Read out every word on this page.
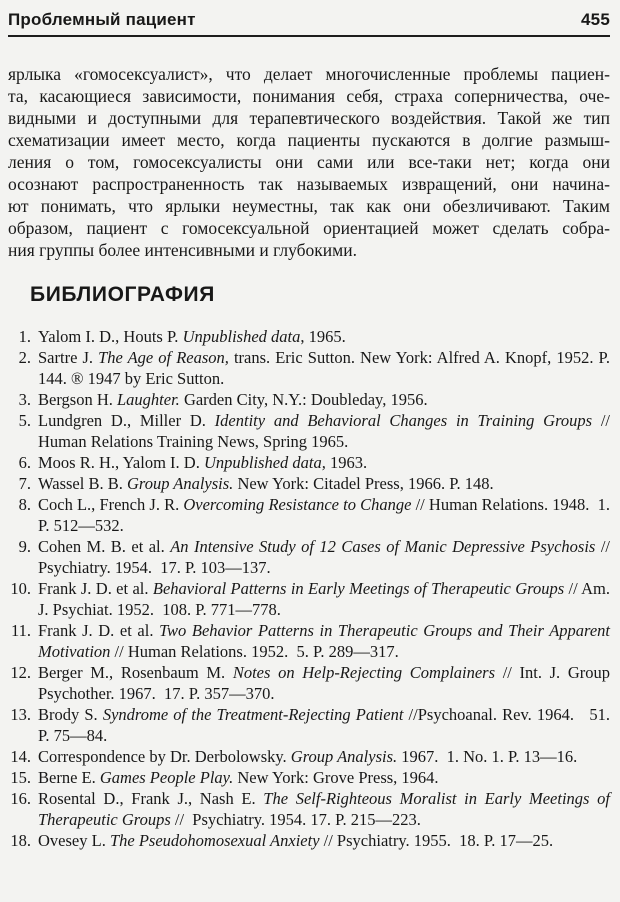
Проблемный пациент	455
ярлыка «гомосексуалист», что делает многочисленные проблемы пациен-
та, касающиеся зависимости, понимания себя, страха соперничества, оче-
видными и доступными для терапевтического воздействия. Такой же тип
схематизации имеет место, когда пациенты пускаются в долгие размыш-
ления о том, гомосексуалисты они сами или все-таки нет; когда они
осознают распространенность так называемых извращений, они начина-
ют понимать, что ярлыки неуместны, так как они обезличивают. Таким
образом, пациент с гомосексуальной ориентацией может сделать собра-
ния группы более интенсивными и глубокими.
БИБЛИОГРАФИЯ
1. Yalom I. D., Houts P. Unpublished data, 1965.
2. Sartre J. The Age of Reason, trans. Eric Sutton. New York: Alfred A. Knopf, 1952. P. 144. ® 1947 by Eric Sutton.
3. Bergson H. Laughter. Garden City, N.Y.: Doubleday, 1956.
5. Lundgren D., Miller D. Identity and Behavioral Changes in Training Groups // Human Relations Training News, Spring 1965.
6. Moos R. H., Yalom I. D. Unpublished data, 1963.
7. Wassel B. B. Group Analysis. New York: Citadel Press, 1966. P. 148.
8. Coch L., French J. R. Overcoming Resistance to Change // Human Relations. 1948.  1. P. 512—532.
9. Cohen M. B. et al. An Intensive Study of 12 Cases of Manic Depressive Psychosis // Psychiatry. 1954.  17. P. 103—137.
10. Frank J. D. et al. Behavioral Patterns in Early Meetings of Therapeutic Groups // Am. J. Psychiat. 1952.  108. P. 771—778.
11. Frank J. D. et al. Two Behavior Patterns in Therapeutic Groups and Their Apparent Motivation // Human Relations. 1952.  5. P. 289—317.
12. Berger M., Rosenbaum M. Notes on Help-Rejecting Complainers // Int. J. Group Psychother. 1967.  17. P. 357—370.
13. Brody S. Syndrome of the Treatment-Rejecting Patient //Psychoanal. Rev. 1964.   51. P. 75—84.
14. Correspondence by Dr. Derbolowsky. Group Analysis. 1967.  1. No. 1. P. 13—16.
15. Berne E. Games People Play. New York: Grove Press, 1964.
16. Rosental D., Frank J., Nash E. The Self-Righteous Moralist in Early Meetings of Therapeutic Groups //  Psychiatry. 1954. 17. P. 215—223.
18. Ovesey L. The Pseudohomosexual Anxiety // Psychiatry. 1955.  18. P. 17—25.
